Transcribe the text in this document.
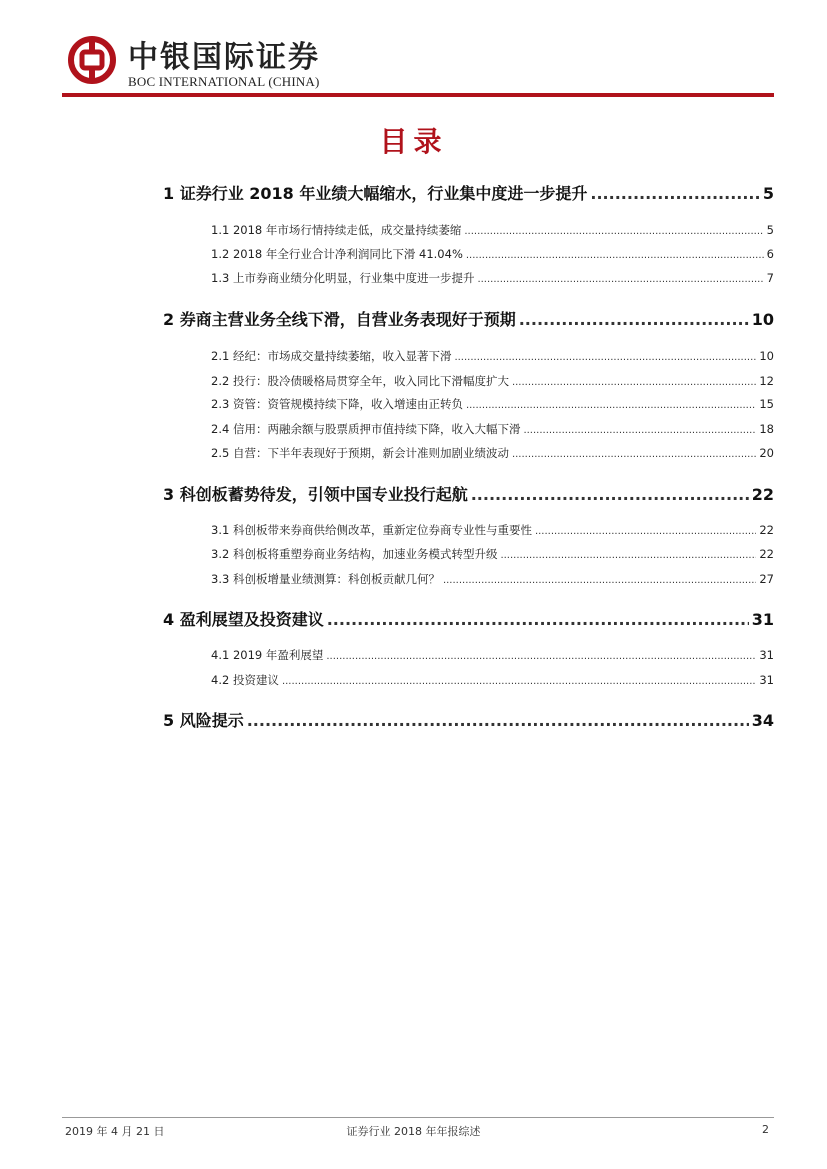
中银国际证券
BOC INTERNATIONAL (CHINA)
目录
1 证券行业 2018 年业绩大幅缩水，行业集中度进一步提升 .....	5
1.1 2018 年市场行情持续走低，成交量持续萎缩 .....	5
1.2 2018 年全行业合计净利润同比下滑 41.04% .....	6
1.3 上市券商业绩分化明显，行业集中度进一步提升 .....	7
2 券商主营业务全线下滑，自营业务表现好于预期 .....	10
2.1 经纪：市场成交量持续萎缩，收入显著下滑 .....	10
2.2 投行：股冷债暖格局贯穿全年，收入同比下滑幅度扩大 .....	12
2.3 资管：资管规模持续下降，收入增速由正转负 .....	15
2.4 信用：两融余额与股票质押市值持续下降，收入大幅下滑 .....	18
2.5 自营：下半年表现好于预期，新会计准则加剧业绩波动 .....	20
3 科创板蓄势待发，引领中国专业投行起航 .....	22
3.1 科创板带来券商供给侧改革，重新定位券商专业性与重要性 .....	22
3.2 科创板将重塑券商业务结构，加速业务模式转型升级 .....	22
3.3 科创板增量业绩测算：科创板贡献几何？ .....	27
4 盈利展望及投资建议 .....	31
4.1 2019 年盈利展望 .....	31
4.2 投资建议 .....	31
5 风险提示 .....	34
2019 年 4 月 21 日	证券行业 2018 年年报综述	2
